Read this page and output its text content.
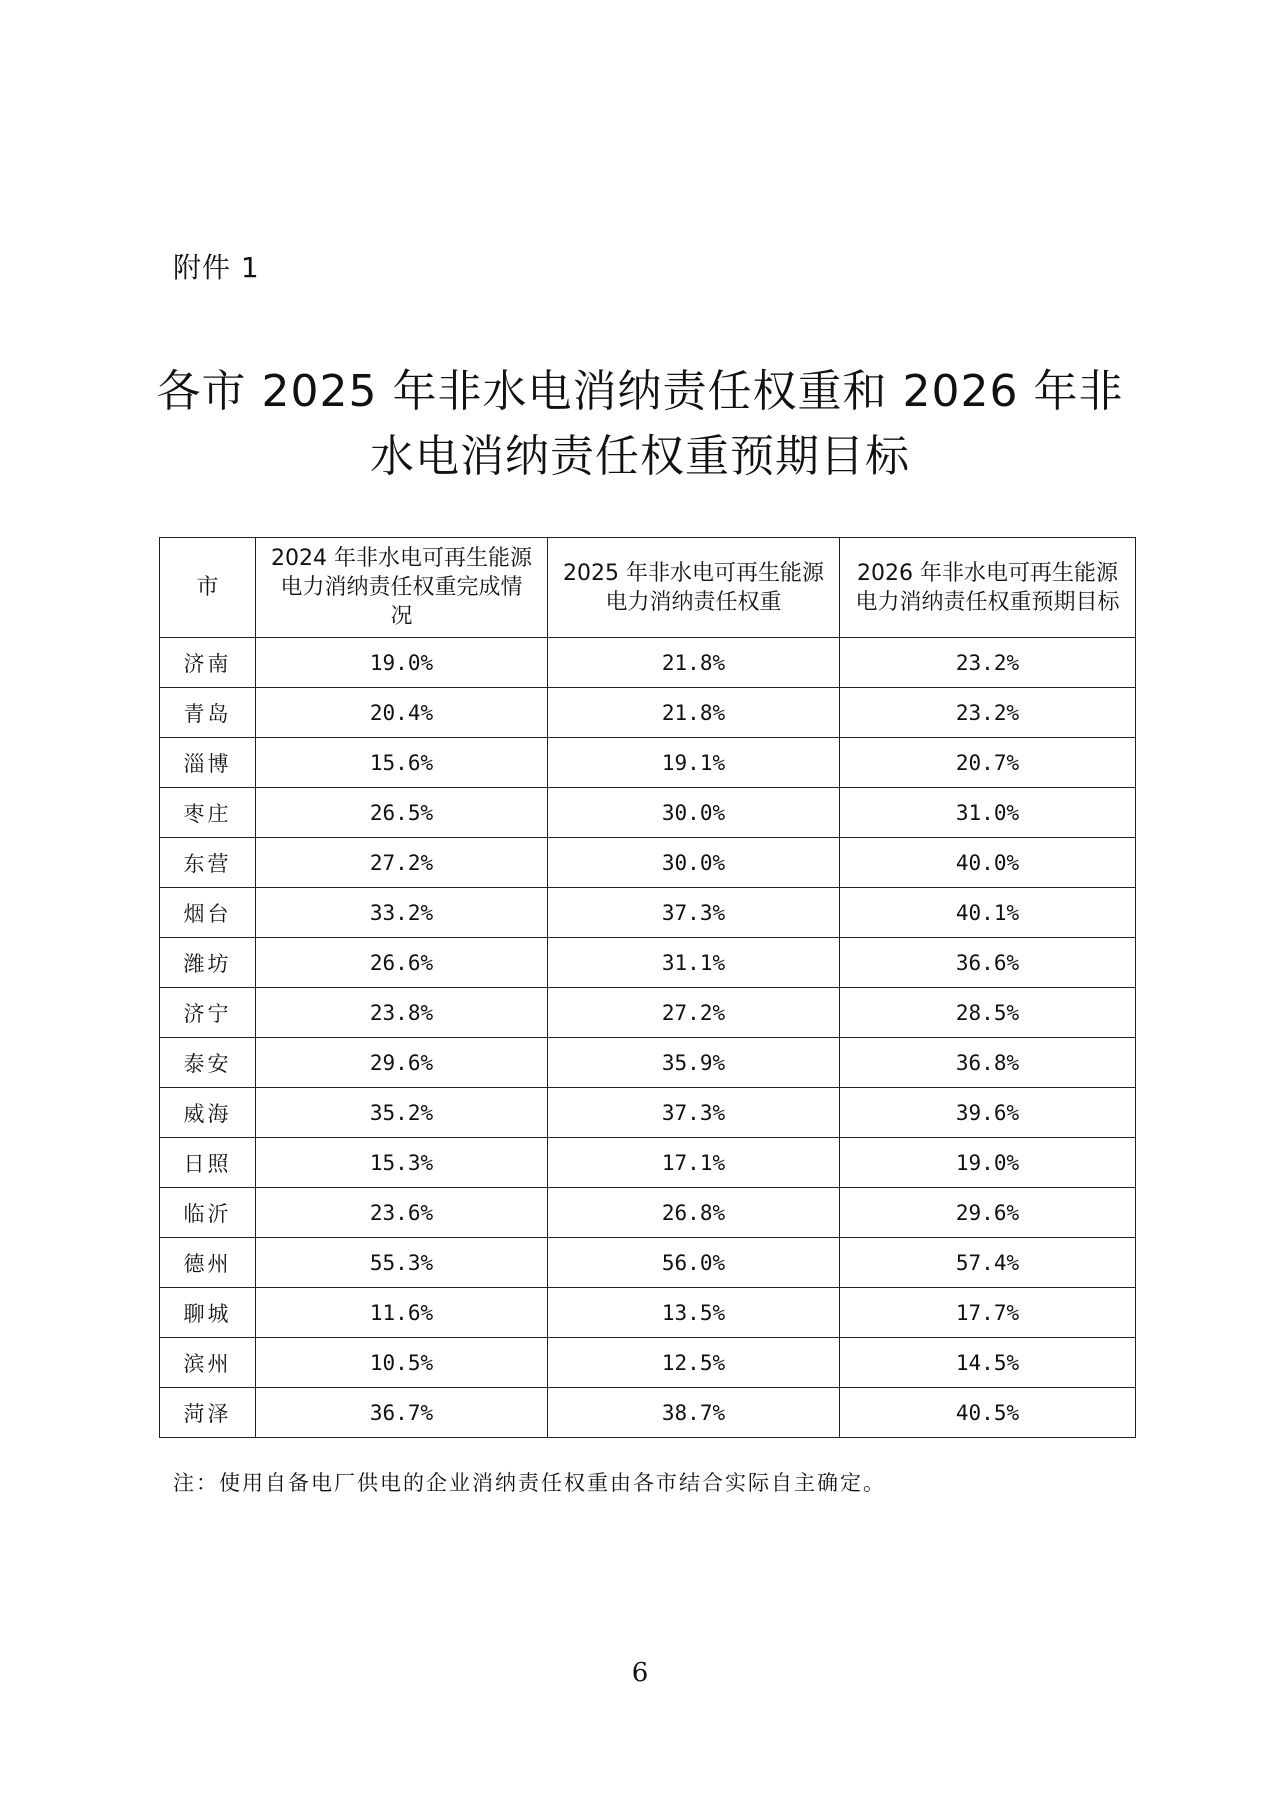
附件 1
各市 2025 年非水电消纳责任权重和 2026 年非
水电消纳责任权重预期目标
市	2024 年非水电可再生能源电力消纳责任权重完成情况	2025 年非水电可再生能源电力消纳责任权重	2026 年非水电可再生能源电力消纳责任权重预期目标

济南	19.0%	21.8%	23.2%
青岛	20.4%	21.8%	23.2%
淄博	15.6%	19.1%	20.7%
枣庄	26.5%	30.0%	31.0%
东营	27.2%	30.0%	40.0%
烟台	33.2%	37.3%	40.1%
潍坊	26.6%	31.1%	36.6%
济宁	23.8%	27.2%	28.5%
泰安	29.6%	35.9%	36.8%
威海	35.2%	37.3%	39.6%
日照	15.3%	17.1%	19.0%
临沂	23.6%	26.8%	29.6%
德州	55.3%	56.0%	57.4%
聊城	11.6%	13.5%	17.7%
滨州	10.5%	12.5%	14.5%
菏泽	36.7%	38.7%	40.5%
注：使用自备电厂供电的企业消纳责任权重由各市结合实际自主确定。
6
